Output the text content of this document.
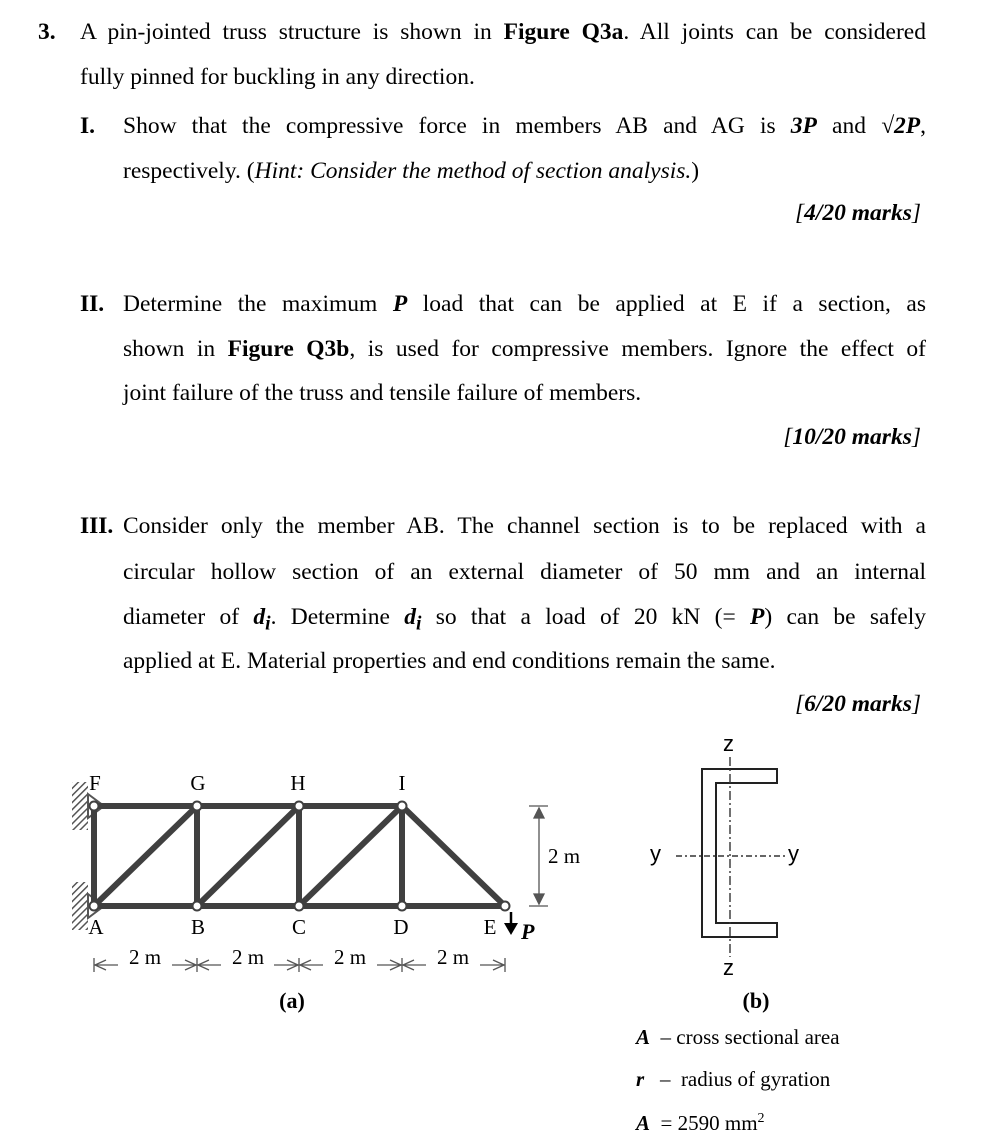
3. A pin-jointed truss structure is shown in Figure Q3a. All joints can be considered
fully pinned for buckling in any direction.
I. Show that the compressive force in members AB and AG is 3P and √2P,
respectively. (Hint: Consider the method of section analysis.)
[4/20 marks]
II. Determine the maximum P load that can be applied at E if a section, as
shown in Figure Q3b, is used for compressive members. Ignore the effect of
joint failure of the truss and tensile failure of members.
[10/20 marks]
III. Consider only the member AB. The channel section is to be replaced with a
circular hollow section of an external diameter of 50 mm and an internal
diameter of $d_i$. Determine $d_i$ so that a load of 20 kN (= P) can be safely
applied at E. Material properties and end conditions remain the same.
[6/20 marks]
F	G	H	I
A	B	C	D	E P
2 m
2 m	2 m	2 m	2 m
(a)
z
z
y	y
(b)
A – cross sectional area
r – radius of gyration
A = 2590 $mm^2$
